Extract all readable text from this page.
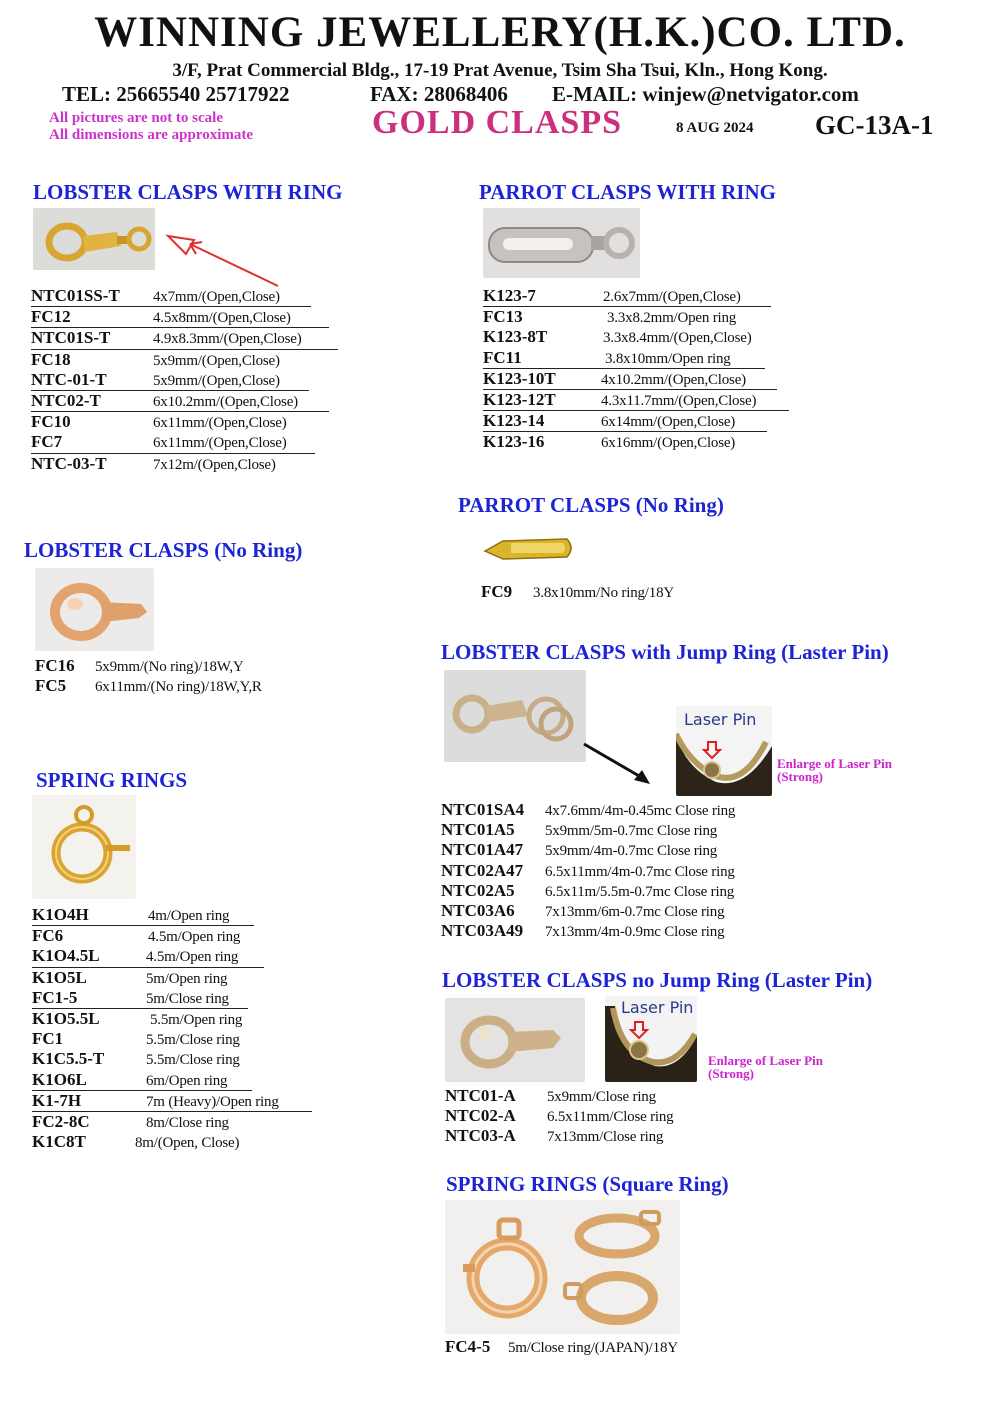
WINNING JEWELLERY(H.K.)CO. LTD.
3/F, Prat Commercial Bldg., 17-19 Prat Avenue, Tsim Sha Tsui, Kln., Hong Kong.
TEL: 25665540 25717922	FAX: 28068406 E-MAIL: winjew@netvigator.com
All pictures are not to scale
All dimensions are approximate	GOLD CLASPS	8 AUG 2024 GC-13A-1
LOBSTER CLASPS WITH RING
NTC01SS-T 4x7mm/(Open,Close)
FC12	4.5x8mm/(Open,Close)
NTC01S-T	4.9x8.3mm/(Open,Close)
FC18	5x9mm/(Open,Close)
NTC-01-T	5x9mm/(Open,Close)
NTC02-T	6x10.2mm/(Open,Close)
FC10	6x11mm/(Open,Close)
FC7	6x11mm/(Open,Close)
NTC-03-T	7x12m/(Open,Close)
PARROT CLASPS WITH RING
K123-7	2.6x7mm/(Open,Close)
FC13	3.3x8.2mm/Open ring
K123-8T	3.3x8.4mm/(Open,Close)
FC11	3.8x10mm/Open ring
K123-10T	4x10.2mm/(Open,Close)
K123-12T	4.3x11.7mm/(Open,Close)
K123-14	6x14mm/(Open,Close)
K123-16	6x16mm/(Open,Close)
PARROT CLASPS (No Ring)
FC9 3.8x10mm/No ring/18Y
LOBSTER CLASPS (No Ring)
FC16 5x9mm/(No ring)/18W,Y
FC5 6x11mm/(No ring)/18W,Y,R
LOBSTER CLASPS with Jump Ring (Laster Pin)
Laser Pin
Enlarge of Laser Pin
(Strong)
NTC01SA4 4x7.6mm/4m-0.45mc Close ring
NTC01A5 5x9mm/5m-0.7mc Close ring
NTC01A47 5x9mm/4m-0.7mc Close ring
NTC02A47 6.5x11mm/4m-0.7mc Close ring
NTC02A5 6.5x11m/5.5m-0.7mc Close ring
NTC03A6 7x13mm/6m-0.7mc Close ring
NTC03A49 7x13mm/4m-0.9mc Close ring
SPRING RINGS
K1O4H	4m/Open ring
FC6	4.5m/Open ring
K1O4.5L	4.5m/Open ring
K1O5L	5m/Open ring
FC1-5	5m/Close ring
K1O5.5L	5.5m/Open ring
FC1	5.5m/Close ring
K1C5.5-T	5.5m/Close ring
K1O6L	6m/Open ring
K1-7H	7m (Heavy)/Open ring
FC2-8C	8m/Close ring
K1C8T	8m/(Open, Close)
LOBSTER CLASPS no Jump Ring (Laster Pin)
Laser Pin
Enlarge of Laser Pin
(Strong)
NTC01-A 5x9mm/Close ring
NTC02-A 6.5x11mm/Close ring
NTC03-A 7x13mm/Close ring
SPRING RINGS (Square Ring)
FC4-5 5m/Close ring/(JAPAN)/18Y
